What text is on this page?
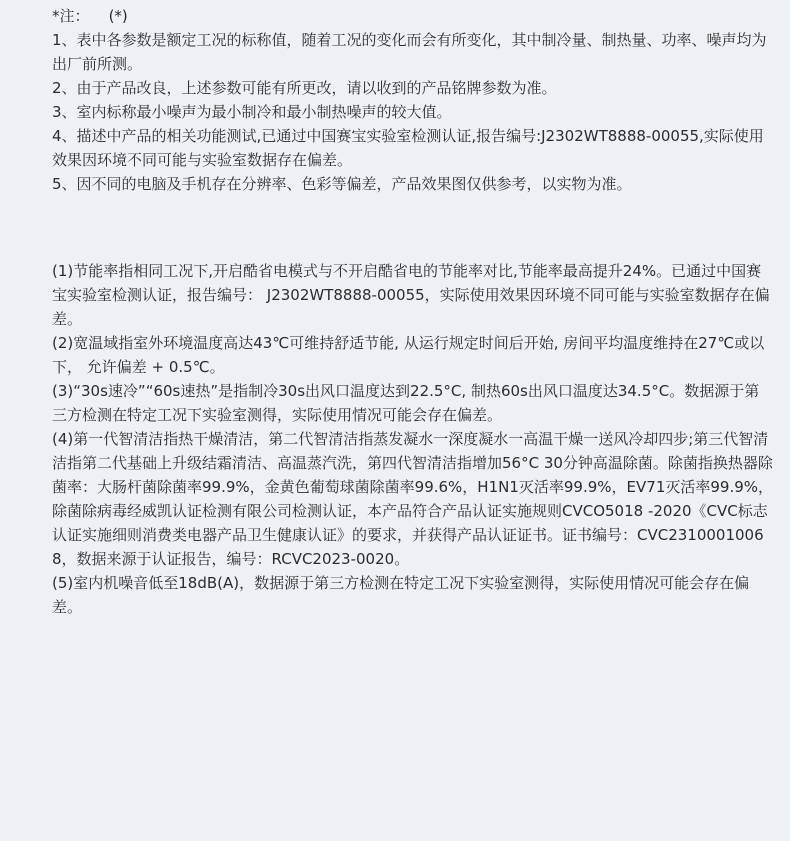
*注：    (*)
1、表中各参数是额定工况的标称值，随着工况的变化而会有所变化，其中制冷量、制热量、功率、噪声均为出厂前所测。
2、由于产品改良，上述参数可能有所更改，请以收到的产品铭牌参数为准。
3、室内标称最小噪声为最小制冷和最小制热噪声的较大值。
4、描述中产品的相关功能测试,已通过中国赛宝实验室检测认证,报告编号:J2302WT8888-00055,实际使用效果因环境不同可能与实验室数据存在偏差。
5、因不同的电脑及手机存在分辨率、色彩等偏差，产品效果图仅供参考，以实物为准。
(1)节能率指相同工况下,开启酷省电模式与不开启酷省电的节能率对比,节能率最高提升24%。已通过中国赛宝实验室检测认证，报告编号： J2302WT8888-00055，实际使用效果因环境不同可能与实验室数据存在偏差。
(2)宽温域指室外环境温度高达43℃可维持舒适节能, 从运行规定时间后开始, 房间平均温度维持在27℃或以下， 允许偏差 + 0.5℃。
(3)“30s速冷”“60s速热”是指制冷30s出风口温度达到22.5°C, 制热60s出风口温度达34.5°C。数据源于第三方检测在特定工况下实验室测得，实际使用情况可能会存在偏差。
(4)第一代智清洁指热干燥清洁，第二代智清洁指蒸发凝水一深度凝水一高温干燥一送风冷却四步;第三代智清洁指第二代基础上升级结霜清洁、高温蒸汽洗，第四代智清洁指增加56°C 30分钟高温除菌。除菌指换热器除菌率：大肠杆菌除菌率99.9%，金黄色葡萄球菌除菌率99.6%，H1N1灭活率99.9%，EV71灭活率99.9%，除菌除病毒经威凯认证检测有限公司检测认证，本产品符合产品认证实施规则CVCO5018 -2020《CVC标志认证实施细则消费类电器产品卫生健康认证》的要求，并获得产品认证证书。证书编号：CVC23100010068，数据来源于认证报告，编号：RCVC2023-0020。
(5)室内机噪音低至18dB(A)，数据源于第三方检测在特定工况下实验室测得，实际使用情况可能会存在偏差。
